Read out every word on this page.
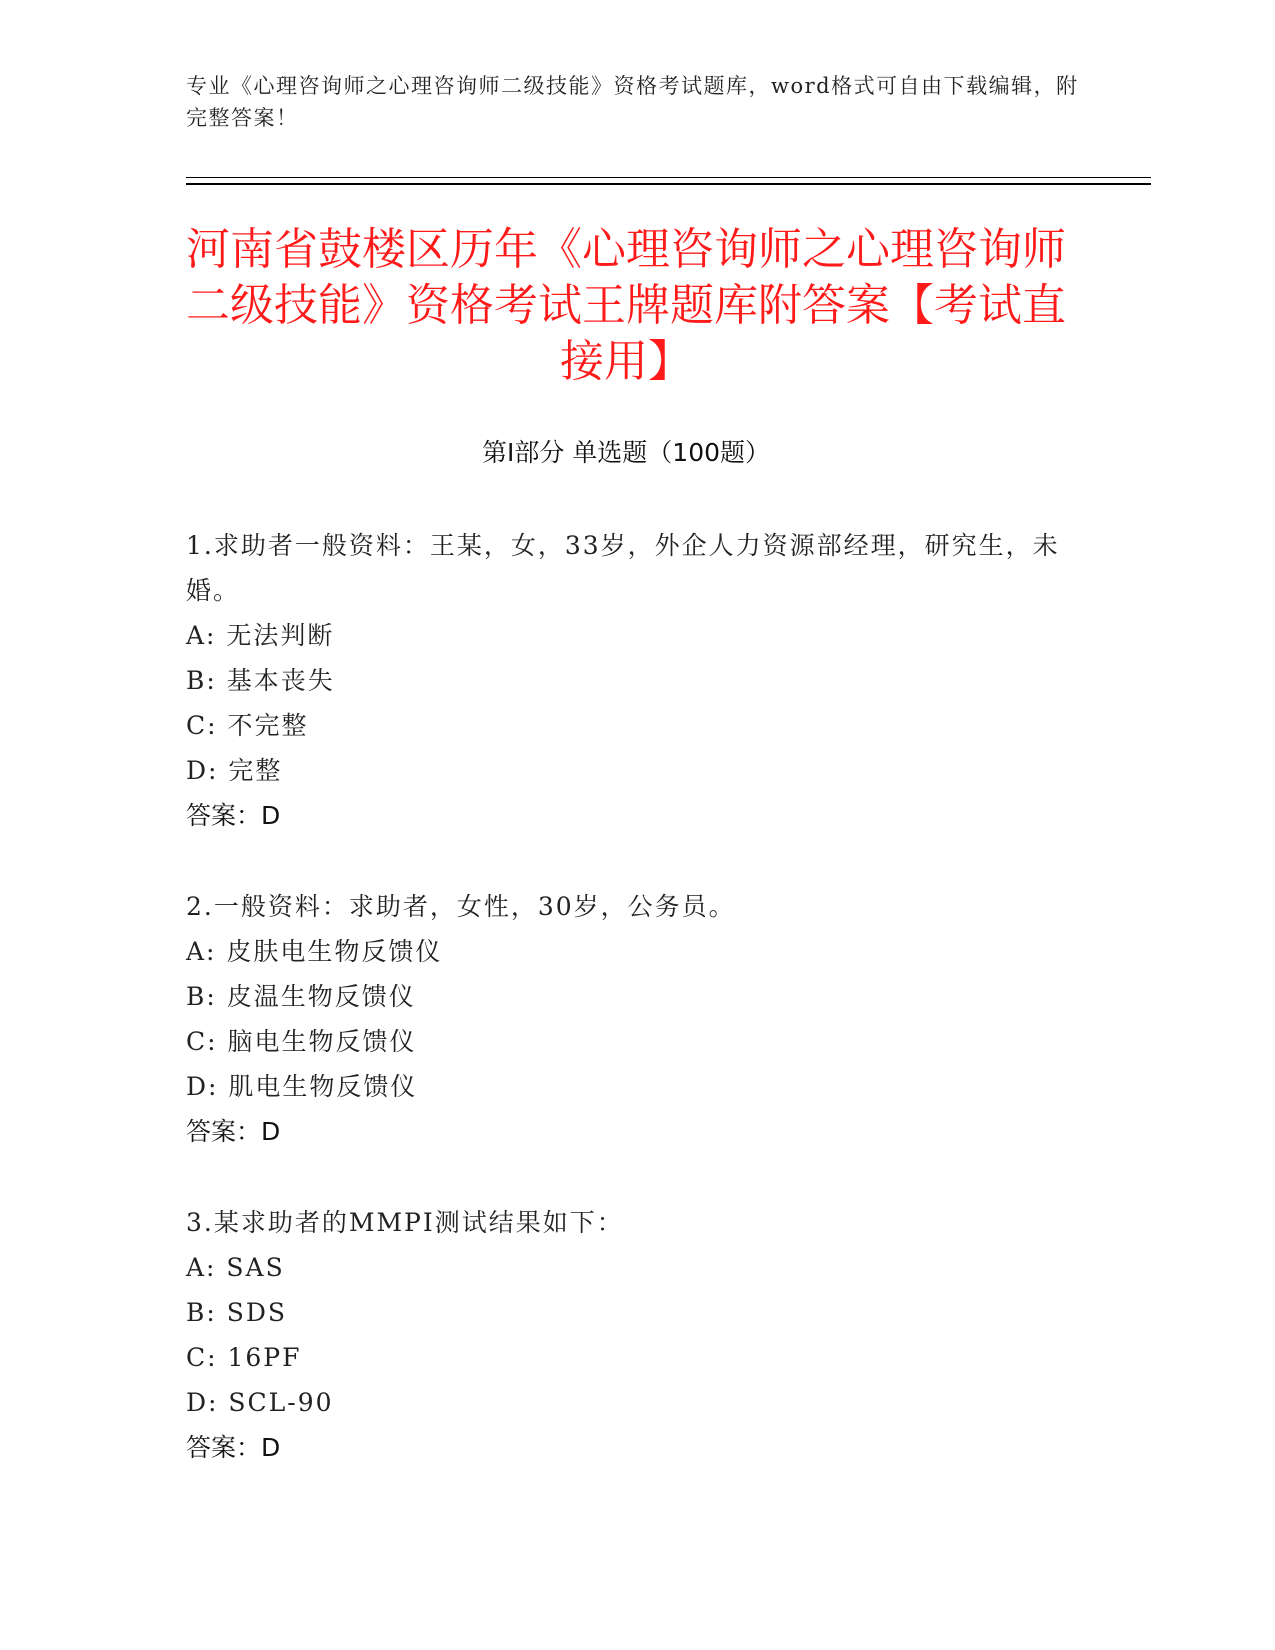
专业《心理咨询师之心理咨询师二级技能》资格考试题库，word格式可自由下载编辑，附完整答案！
河南省鼓楼区历年《心理咨询师之心理咨询师二级技能》资格考试王牌题库附答案【考试直接用】
第Ⅰ部分 单选题（100题）
1.求助者一般资料：王某，女，33岁，外企人力资源部经理，研究生，未婚。
A: 无法判断
B: 基本丧失
C: 不完整
D: 完整
答案：D
2.一般资料：求助者，女性，30岁，公务员。
A: 皮肤电生物反馈仪
B: 皮温生物反馈仪
C: 脑电生物反馈仪
D: 肌电生物反馈仪
答案：D
3.某求助者的MMPI测试结果如下：
A: SAS
B: SDS
C: 16PF
D: SCL-90
答案：D
